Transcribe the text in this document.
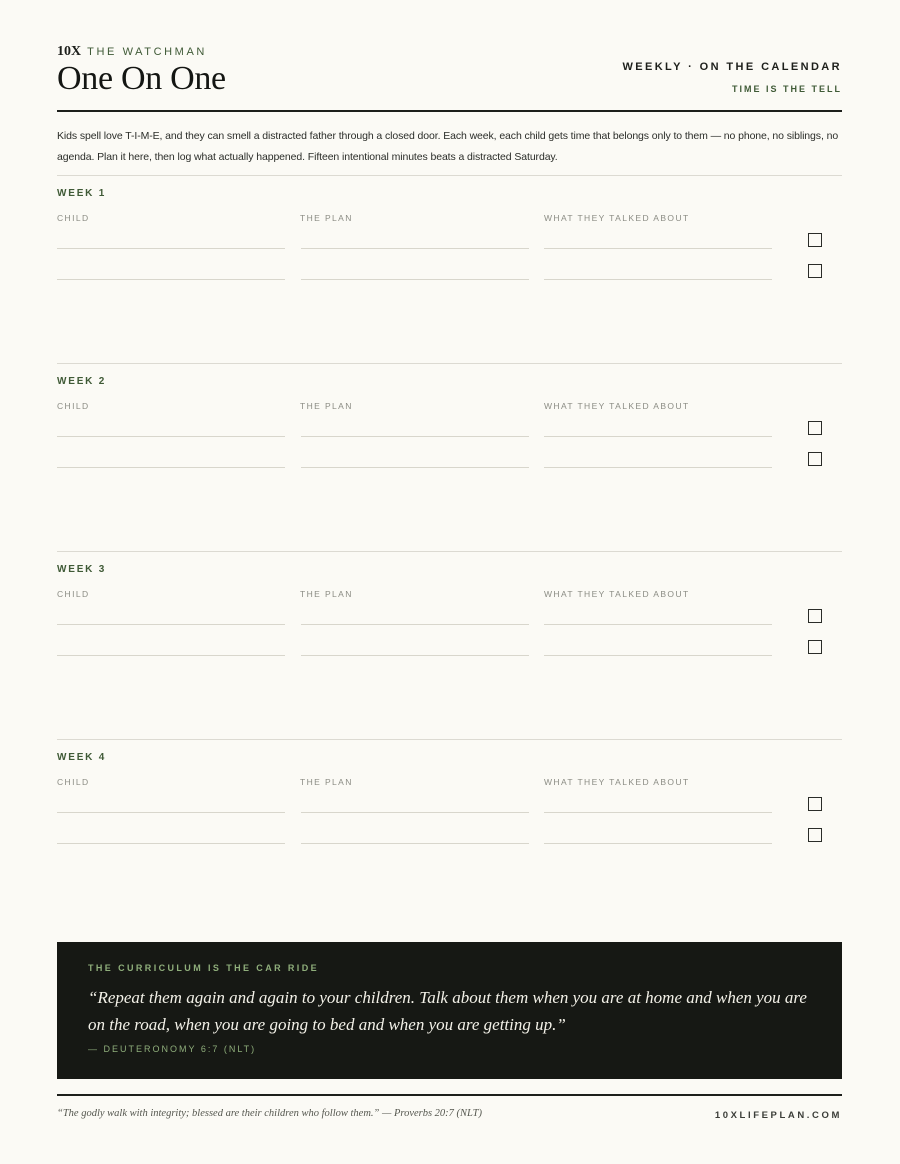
10X THE WATCHMAN
One On One	WEEKLY · ON THE CALENDAR
TIME IS THE TELL
Kids spell love T-I-M-E, and they can smell a distracted father through a closed door. Each week, each child gets time that belongs only to them — no phone, no siblings, no agenda. Plan it here, then log what actually happened. Fifteen intentional minutes beats a distracted Saturday.
WEEK 1
CHILD	THE PLAN	WHAT THEY TALKED ABOUT
WEEK 2
CHILD	THE PLAN	WHAT THEY TALKED ABOUT
WEEK 3
CHILD	THE PLAN	WHAT THEY TALKED ABOUT
WEEK 4
CHILD	THE PLAN	WHAT THEY TALKED ABOUT
THE CURRICULUM IS THE CAR RIDE
“Repeat them again and again to your children. Talk about them when you are at home and when you are on the road, when you are going to bed and when you are getting up.”
— DEUTERONOMY 6:7 (NLT)
“The godly walk with integrity; blessed are their children who follow them.” — Proverbs 20:7 (NLT)	10XLIFEPLAN.COM
